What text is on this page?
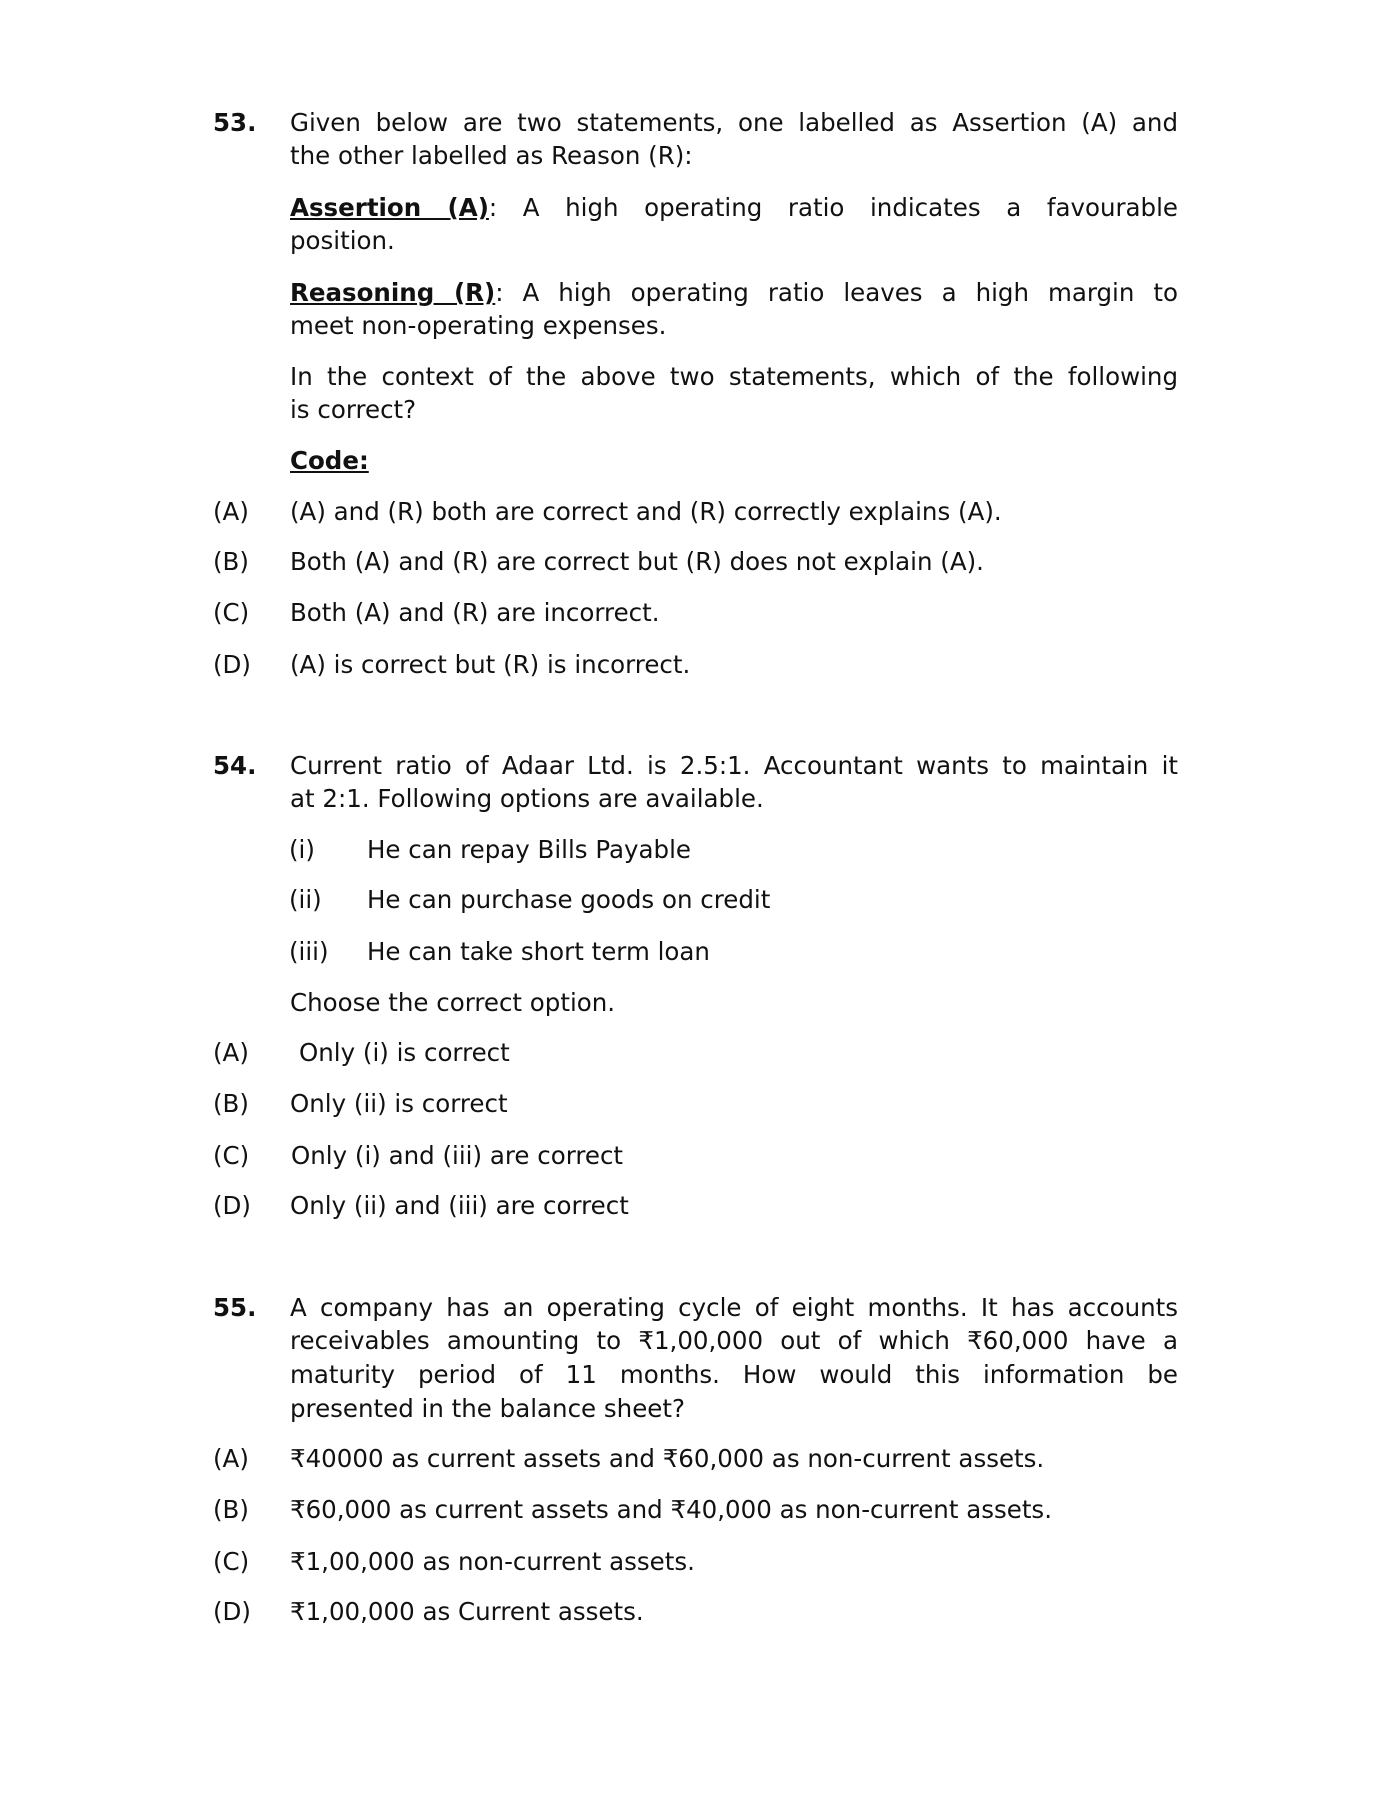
53. Given below are two statements, one labelled as Assertion (A) and
the other labelled as Reason (R):
Assertion (A): A high operating ratio indicates a favourable
position.
Reasoning (R): A high operating ratio leaves a high margin to
meet non-operating expenses.
In the context of the above two statements, which of the following
is correct?
Code:
(A) (A) and (R) both are correct and (R) correctly explains (A).
(B) Both (A) and (R) are correct but (R) does not explain (A).
(C) Both (A) and (R) are incorrect.
(D) (A) is correct but (R) is incorrect.
54. Current ratio of Adaar Ltd. is 2.5:1. Accountant wants to maintain it
at 2:1. Following options are available.
(i) He can repay Bills Payable
(ii) He can purchase goods on credit
(iii) He can take short term loan
Choose the correct option.
(A) Only (i) is correct
(B) Only (ii) is correct
(C) Only (i) and (iii) are correct
(D) Only (ii) and (iii) are correct
55. A company has an operating cycle of eight months. It has accounts
receivables amounting to ₹1,00,000 out of which ₹60,000 have a
maturity period of 11 months. How would this information be
presented in the balance sheet?
(A) ₹40000 as current assets and ₹60,000 as non-current assets.
(B) ₹60,000 as current assets and ₹40,000 as non-current assets.
(C) ₹1,00,000 as non-current assets.
(D) ₹1,00,000 as Current assets.
